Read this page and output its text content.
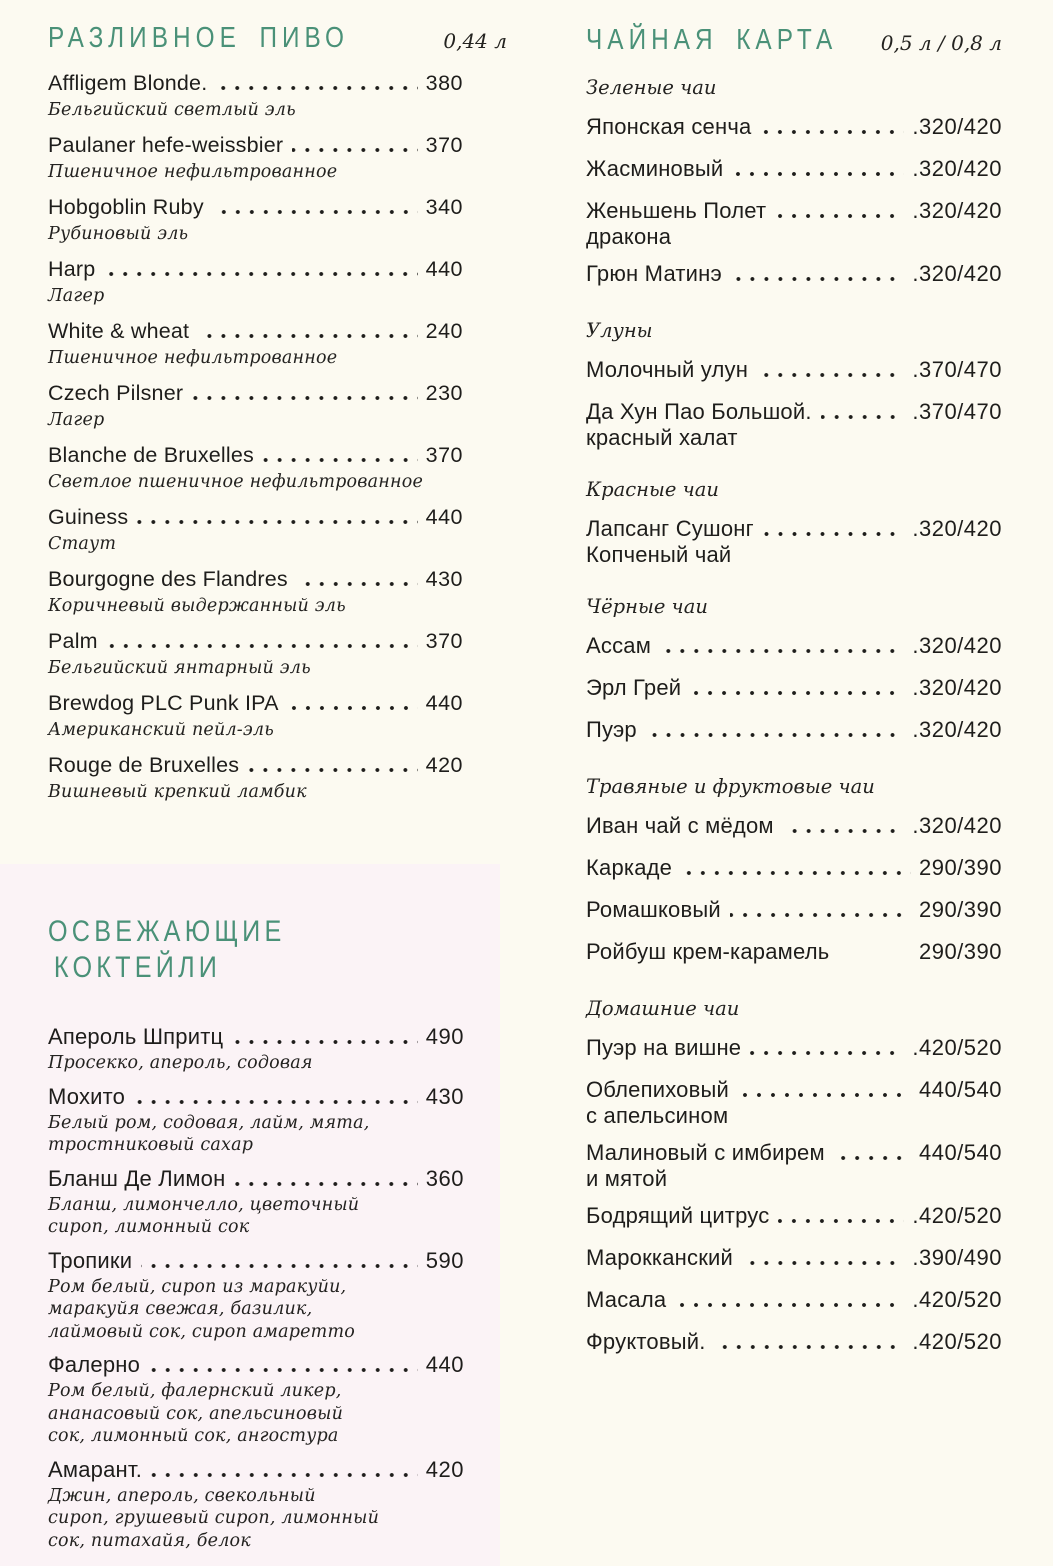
РАЗЛИВНОЕ ПИВО	0,44 л
Affligem Blonde.	380
Бельгийский светлый эль
Paulaner hefe-weissbier	370
Пшеничное нефильтрованное
Hobgoblin Ruby	340
Рубиновый эль
Harp	440
Лагер
White & wheat	240
Пшеничное нефильтрованное
Czech Pilsner	230
Лагер
Blanche de Bruxelles	370
Светлое пшеничное нефильтрованное
Guiness	440
Стаут
Bourgogne des Flandres	430
Коричневый выдержанный эль
Palm	370
Бельгийский янтарный эль
Brewdog PLC Punk IPA	440
Американский пейл-эль
Rouge de Bruxelles	420
Вишневый крепкий ламбик
ОСВЕЖАЮЩИЕ
КОКТЕЙЛИ
Апероль Шпритц	490
Просекко, апероль, содовая
Мохито	430
Белый ром, содовая, лайм, мята, тростниковый сахар
Бланш Де Лимон	360
Бланш, лимончелло, цветочный сироп, лимонный сок
Тропики	590
Ром белый, сироп из маракуйи, маракуйя свежая, базилик, лаймовый сок, сироп амаретто
Фалерно	440
Ром белый, фалернский ликер, ананасовый сок, апельсиновый сок, лимонный сок, ангостура
Амарант.	420
Джин, апероль, свекольный сироп, грушевый сироп, лимонный сок, питахайя, белок
ЧАЙНАЯ КАРТА	0,5 л / 0,8 л
Зеленые чаи
Японская сенча	.320/420
Жасминовый	.320/420
Женьшень Полет	.320/420
дракона
Грюн Матинэ	.320/420
Улуны
Молочный улун	.370/470
Да Хун Пао Большой.	.370/470
красный халат
Красные чаи
Лапсанг Сушонг	.320/420
Копченый чай
Чёрные чаи
Ассам	.320/420
Эрл Грей	.320/420
Пуэр	.320/420
Травяные и фруктовые чаи
Иван чай с мёдом	.320/420
Каркаде	290/390
Ромашковый	290/390
Ройбуш крем-карамель	290/390
Домашние чаи
Пуэр на вишне	.420/520
Облепиховый	440/540
с апельсином
Малиновый с имбирем	440/540
и мятой
Бодрящий цитрус	.420/520
Марокканский	.390/490
Масала	.420/520
Фруктовый.	.420/520
